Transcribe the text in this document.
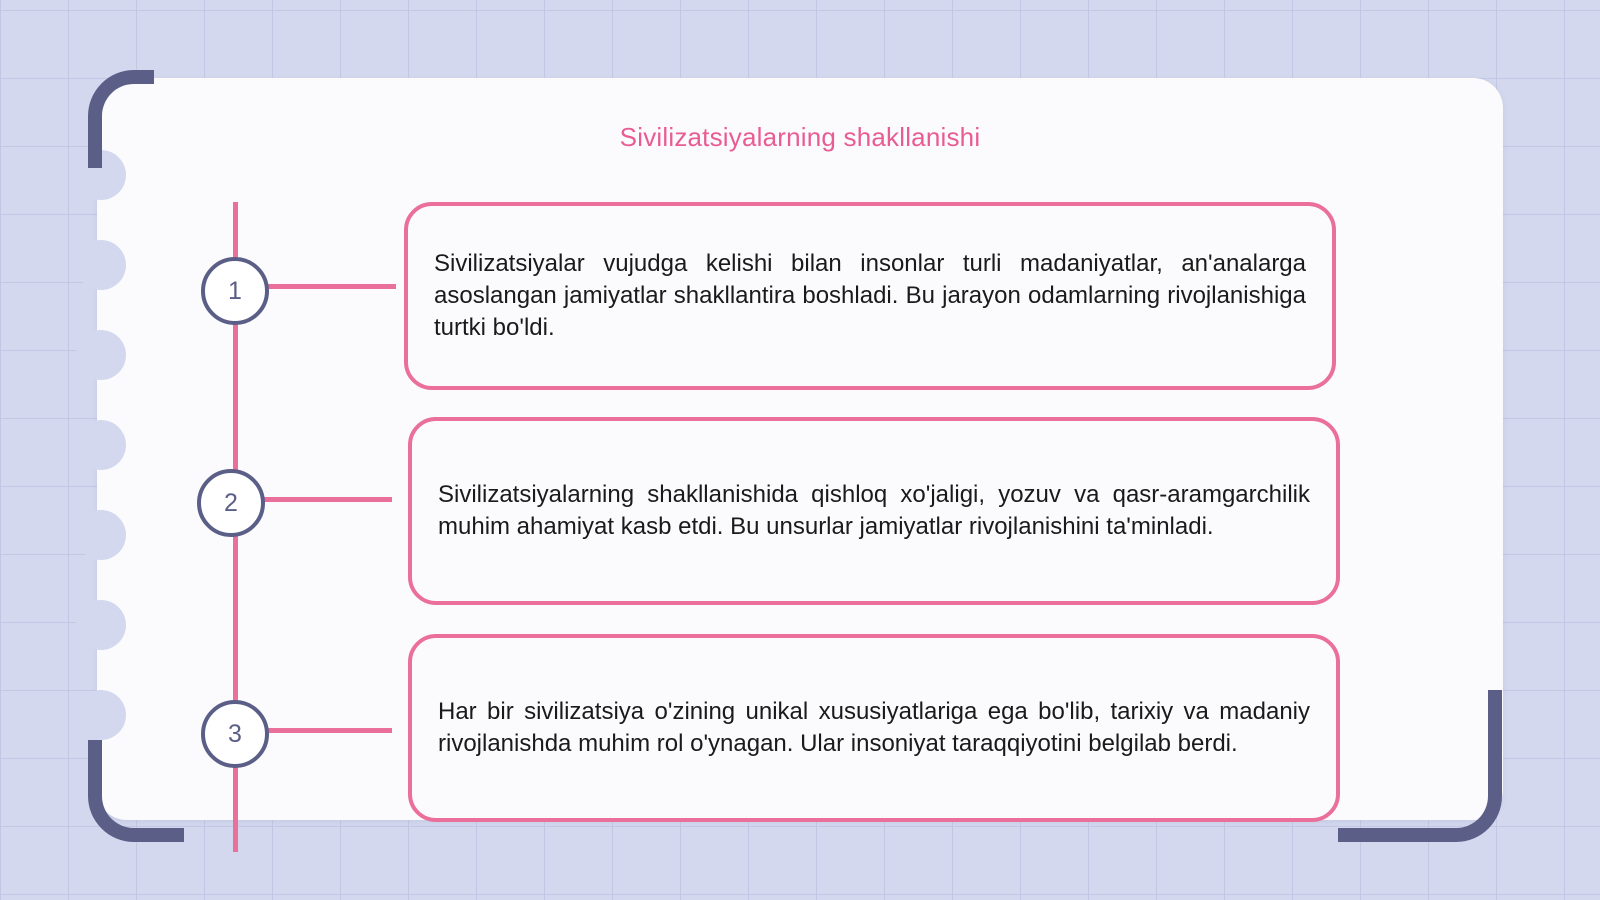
Sivilizatsiyalarning shakllanishi
1
2
3

Sivilizatsiyalar vujudga kelishi bilan insonlar turli madaniyatlar, an'analarga asoslangan jamiyatlar shakllantira boshladi. Bu jarayon odamlarning rivojlanishiga turtki bo'ldi.

Sivilizatsiyalarning shakllanishida qishloq xo'jaligi, yozuv va qasr-aramgarchilik muhim ahamiyat kasb etdi. Bu unsurlar jamiyatlar rivojlanishini ta'minladi.

Har bir sivilizatsiya o'zining unikal xususiyatlariga ega bo'lib, tarixiy va madaniy rivojlanishda muhim rol o'ynagan. Ular insoniyat taraqqiyotini belgilab berdi.
